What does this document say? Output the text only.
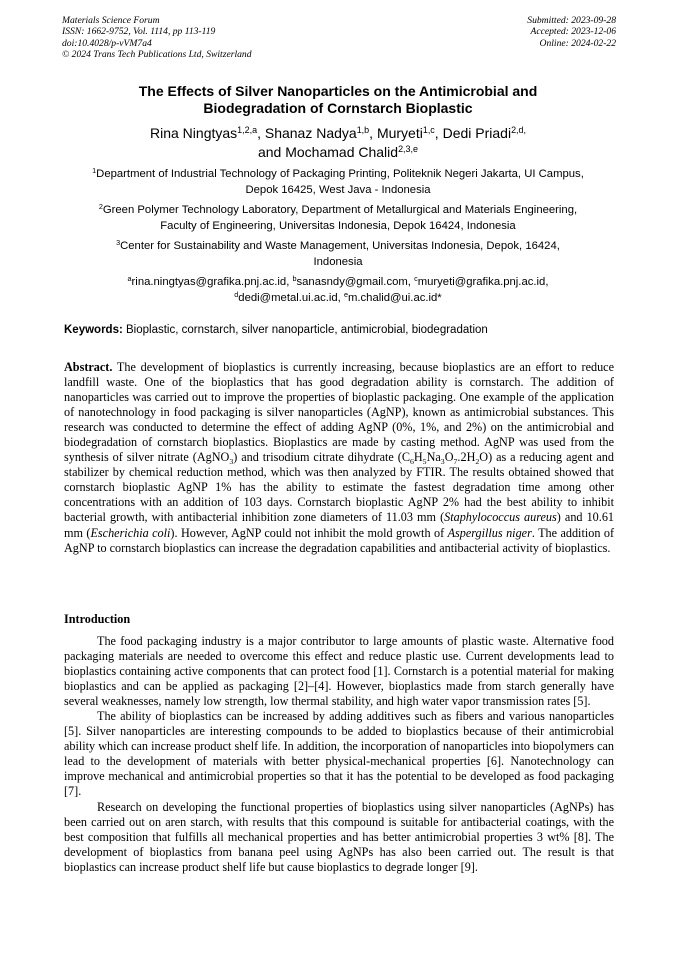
Materials Science Forum
ISSN: 1662-9752, Vol. 1114, pp 113-119
doi:10.4028/p-vVM7a4
© 2024 Trans Tech Publications Ltd, Switzerland
Submitted: 2023-09-28
Accepted: 2023-12-06
Online: 2024-02-22
The Effects of Silver Nanoparticles on the Antimicrobial and
Biodegradation of Cornstarch Bioplastic
Rina Ningtyas$^{1,2,a}$, Shanaz Nadya$^{1,b}$, Muryeti$^{1,c}$, Dedi Priadi$^{2,d,}$
and Mochamad Chalid$^{2,3,e}$
$^1$Department of Industrial Technology of Packaging Printing, Politeknik Negeri Jakarta, UI Campus,
Depok 16425, West Java - Indonesia
$^2$Green Polymer Technology Laboratory, Department of Metallurgical and Materials Engineering,
Faculty of Engineering, Universitas Indonesia, Depok 16424, Indonesia
$^3$Center for Sustainability and Waste Management, Universitas Indonesia, Depok, 16424,
Indonesia
$^a$rina.ningtyas@grafika.pnj.ac.id, $^b$sanasndy@gmail.com, $^c$muryeti@grafika.pnj.ac.id,
$^d$dedi@metal.ui.ac.id, $^e$m.chalid@ui.ac.id*
Keywords: Bioplastic, cornstarch, silver nanoparticle, antimicrobial, biodegradation
Abstract. The development of bioplastics is currently increasing, because bioplastics are an effort to reduce landfill waste. One of the bioplastics that has good degradation ability is cornstarch. The addition of nanoparticles was carried out to improve the properties of bioplastic packaging. One example of the application of nanotechnology in food packaging is silver nanoparticles (AgNP), known as antimicrobial substances. This research was conducted to determine the effect of adding AgNP (0%, 1%, and 2%) on the antimicrobial and biodegradation of cornstarch bioplastics. Bioplastics are made by casting method. AgNP was used from the synthesis of silver nitrate (AgNO$_3$) and trisodium citrate dihydrate $(C_6H_5Na_3O_7.2H_2O)$ as a reducing agent and stabilizer by chemical reduction method, which was then analyzed by FTIR. The results obtained showed that cornstarch bioplastic AgNP 1% has the ability to estimate the fastest degradation time among other concentrations with an addition of 103 days. Cornstarch bioplastic AgNP 2% had the best ability to inhibit bacterial growth, with antibacterial inhibition zone diameters of 11.03 mm (Staphylococcus aureus) and 10.61 mm (Escherichia coli). However, AgNP could not inhibit the mold growth of Aspergillus niger. The addition of AgNP to cornstarch bioplastics can increase the degradation capabilities and antibacterial activity of bioplastics.
Introduction

The food packaging industry is a major contributor to large amounts of plastic waste. Alternative food packaging materials are needed to overcome this effect and reduce plastic use. Current developments lead to bioplastics containing active components that can protect food [1]. Cornstarch is a potential material for making bioplastics and can be applied as packaging [2]–[4]. However, bioplastics made from starch generally have several weaknesses, namely low strength, low thermal stability, and high water vapor transmission rates [5].

The ability of bioplastics can be increased by adding additives such as fibers and various nanoparticles [5]. Silver nanoparticles are interesting compounds to be added to bioplastics because of their antimicrobial ability which can increase product shelf life. In addition, the incorporation of nanoparticles into biopolymers can lead to the development of materials with better physical-mechanical properties [6]. Nanotechnology can improve mechanical and antimicrobial properties so that it has the potential to be developed as food packaging [7].

Research on developing the functional properties of bioplastics using silver nanoparticles (AgNPs) has been carried out on aren starch, with results that this compound is suitable for antibacterial coatings, with the best composition that fulfills all mechanical properties and has better antimicrobial properties 3 wt% [8]. The development of bioplastics from banana peel using AgNPs has also been carried out. The result is that bioplastics can increase product shelf life but cause bioplastics to degrade longer [9].
